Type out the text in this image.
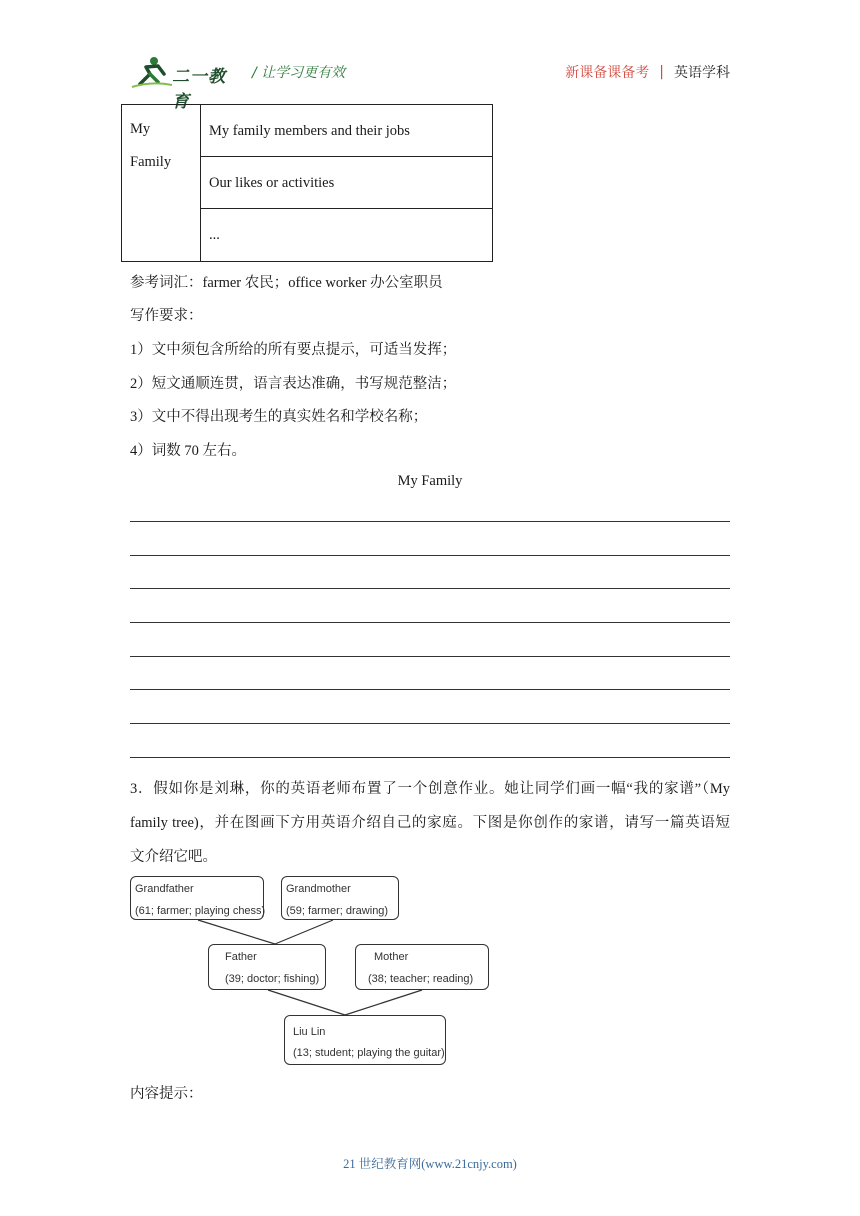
二一教育
/ 让学习更有效	新课备课备考 | 英语学科
My
Family
My family members and their jobs
Our likes or activities
...
参考词汇：farmer 农民；office worker 办公室职员
写作要求：
1）文中须包含所给的所有要点提示，可适当发挥；
2）短文通顺连贯，语言表达准确，书写规范整洁；
3）文中不得出现考生的真实姓名和学校名称；
4）词数 70 左右。
My Family
3．假如你是刘琳，你的英语老师布置了一个创意作业。她让同学们画一幅“我的家谱”（My
family tree)，并在图画下方用英语介绍自己的家庭。下图是你创作的家谱，请写一篇英语短
文介绍它吧。
Grandfather
(61; farmer; playing chess)
Grandmother
(59; farmer; drawing)
Father
(39; doctor; fishing)
Mother
(38; teacher; reading)
Liu Lin
(13; student; playing the guitar)
内容提示：
21 世纪教育网(www.21cnjy.com)
